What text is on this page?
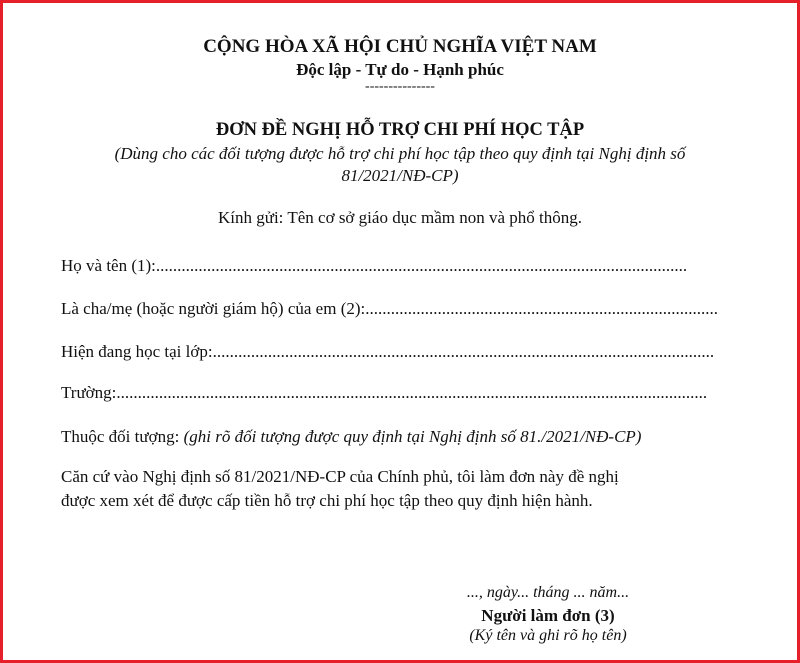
CỘNG HÒA XÃ HỘI CHỦ NGHĨA VIỆT NAM
Độc lập - Tự do - Hạnh phúc
---------------
ĐƠN ĐỀ NGHỊ HỖ TRỢ CHI PHÍ HỌC TẬP
(Dùng cho các đối tượng được hỗ trợ chi phí học tập theo quy định tại Nghị định số
81/2021/NĐ-CP)
Kính gửi: Tên cơ sở giáo dục mầm non và phổ thông.
Họ và tên (1):.............................................................................................................................
Là cha/mẹ (hoặc người giám hộ) của em (2):...................................................................................
Hiện đang học tại lớp:......................................................................................................................
Trường:...........................................................................................................................................
Thuộc đối tượng: (ghi rõ đối tượng được quy định tại Nghị định số 81./2021/NĐ-CP)
Căn cứ vào Nghị định số 81/2021/NĐ-CP của Chính phủ, tôi làm đơn này đề nghị
được xem xét để được cấp tiền hỗ trợ chi phí học tập theo quy định hiện hành.
..., ngày... tháng ... năm...
Người làm đơn (3)
(Ký tên và ghi rõ họ tên)
